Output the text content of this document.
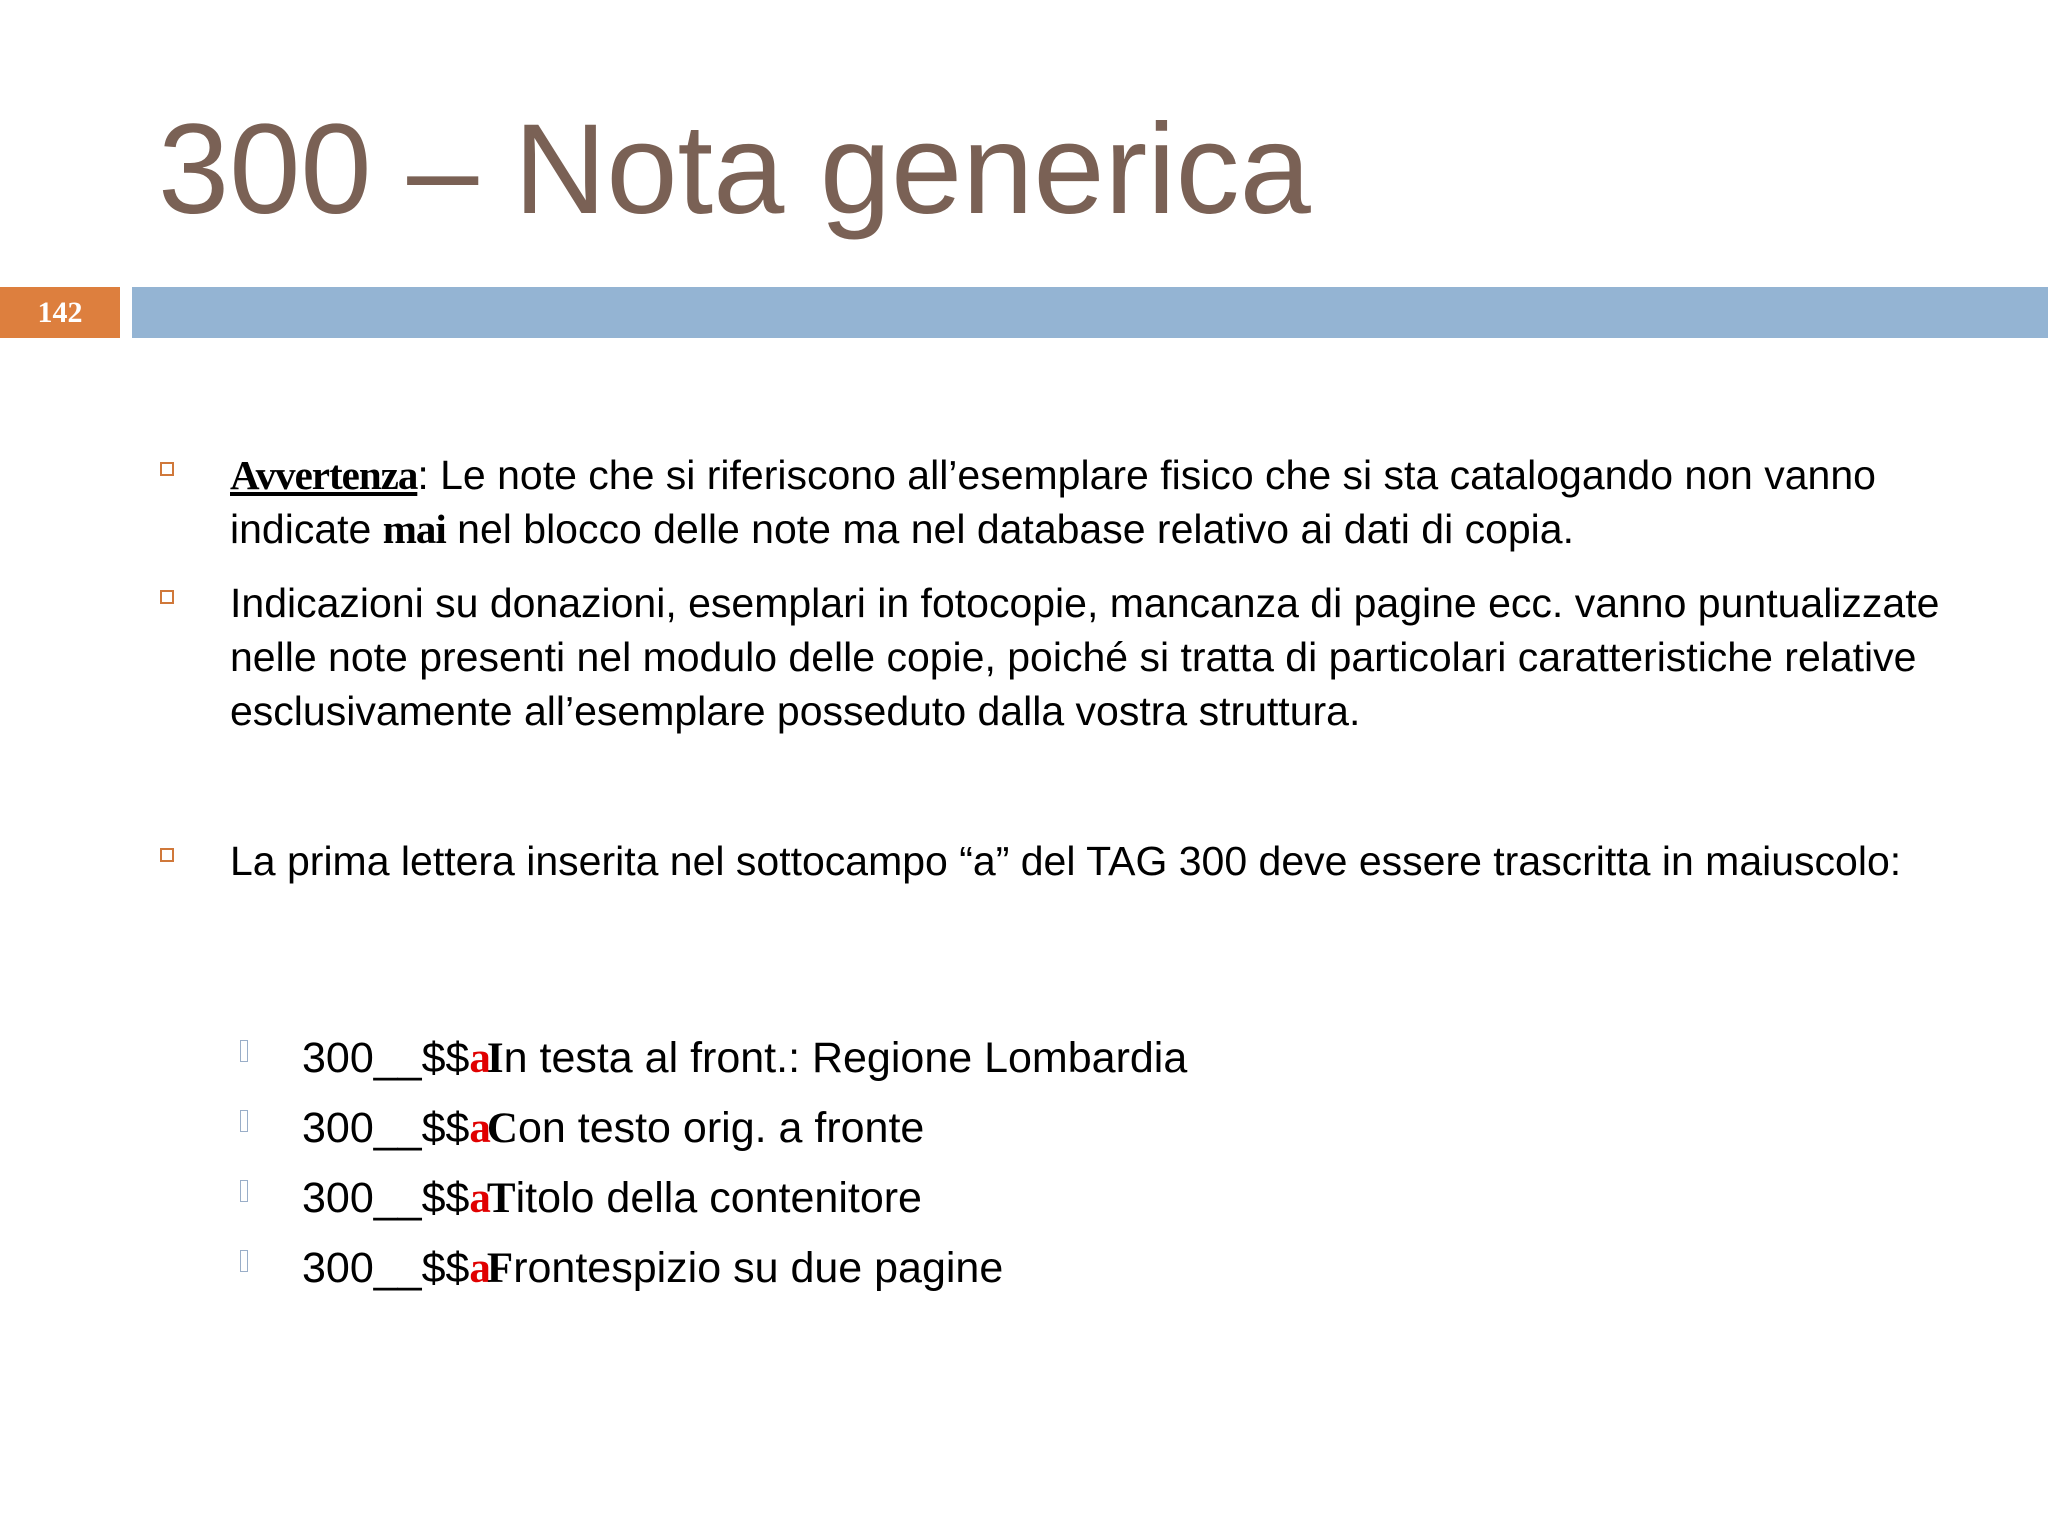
300 – Nota generica
142
Avvertenza: Le note che si riferiscono all’esemplare fisico che si sta catalogando non vanno indicate mai nel blocco delle note ma nel database relativo ai dati di copia.
Indicazioni su donazioni, esemplari in fotocopie, mancanza di pagine ecc. vanno puntualizzate nelle note presenti nel modulo delle copie, poiché si tratta di particolari caratteristiche relative esclusivamente all’esemplare posseduto dalla vostra struttura.
La prima lettera inserita nel sottocampo “a” del TAG 300 deve essere trascritta in maiuscolo:
300__$$aIn testa al front.: Regione Lombardia
300__$$aCon testo orig. a fronte
300__$$aTitolo della contenitore
300__$$aFrontespizio su due pagine
